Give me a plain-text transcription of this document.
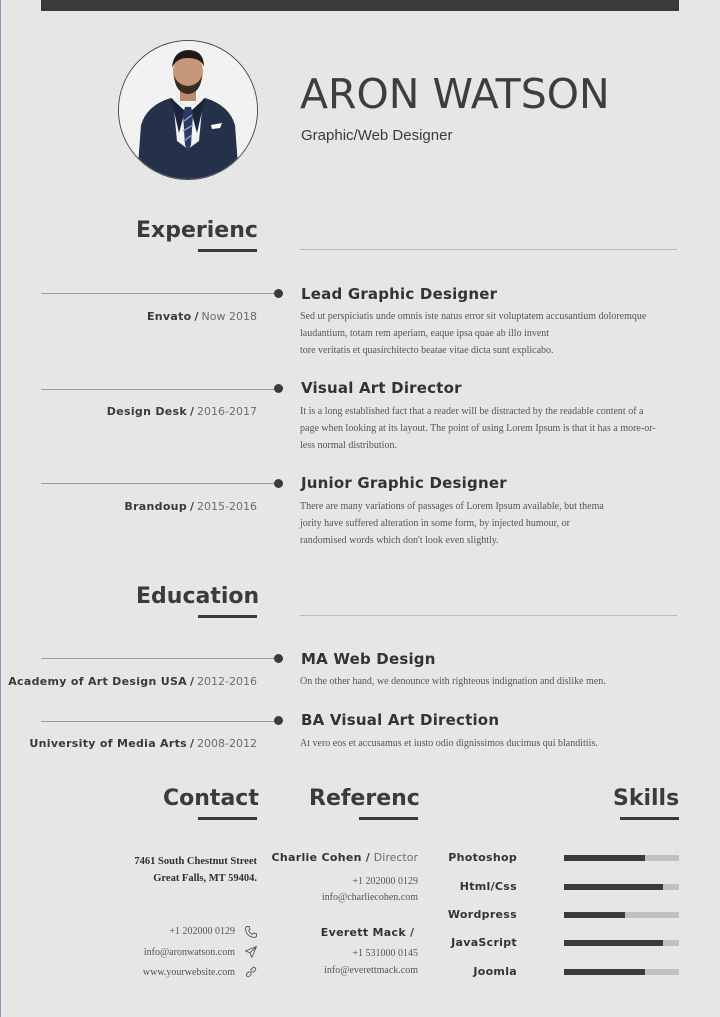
ARON WATSON
Graphic/Web Designer
Experienc
Envato / Now 2018
Lead Graphic Designer
Sed ut perspiciatis unde omnis iste natus error sit voluptatem accusantium doloremque
laudantium, totam rem aperiam, eaque ipsa quae ab illo invent
tore veritatis et quasirchitecto beatae vitae dicta sunt explicabo.
Design Desk / 2016-2017
Visual Art Director
It is a long established fact that a reader will be distracted by the readable content of a
page when looking at its layout. The point of using Lorem Ipsum is that it has a more-or-
less normal distribution.
Brandoup / 2015-2016
Junior Graphic Designer
There are many variations of passages of Lorem Ipsum available, but thema
jority have suffered alteration in some form, by injected humour, or
randomised words which don't look even slightly.
Education
Academy of Art Design USA / 2012-2016
MA Web Design
On the other hand, we denounce with righteous indignation and dislike men.
University of Media Arts / 2008-2012
BA Visual Art Direction
At vero eos et accusamus et iusto odio dignissimos ducimus qui blanditiis.
Contact
7461 South Chestnut Street
Great Falls, MT 59404.
+1 202000 0129
info@aronwatson.com
www.yourwebsite.com
Referenc
Charlie Cohen / Director
+1 202000 0129
info@charliecohen.com
Everett Mack /
+1 531000 0145
info@everettmack.com
Skills
Photoshop
Html/Css
Wordpress
JavaScript
Joomla
